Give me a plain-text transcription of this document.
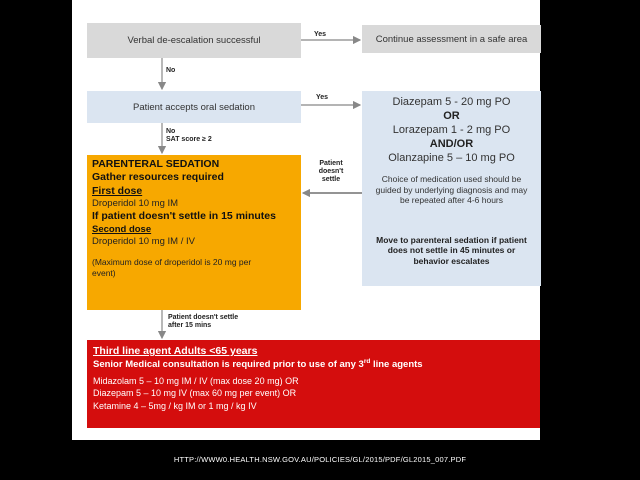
Verbal de-escalation successful
Yes	Continue assessment in a safe area
No
Patient accepts oral sedation
Yes
No
SAT score ≥ 2
Diazepam 5 - 20 mg PO
OR
Lorazepam 1 - 2 mg PO
AND/OR
Olanzapine 5 – 10 mg PO
Choice of medication used should be
guided by underlying diagnosis and may
be repeated after 4-6 hours
Move to parenteral sedation if patient
does not settle in 45 minutes or
behavior escalates
Patient
doesn't
settle
PARENTERAL SEDATION
Gather resources required
First dose
Droperidol 10 mg IM
If patient doesn't settle in 15 minutes
Second dose
Droperidol 10 mg IM / IV
(Maximum dose of droperidol is 20 mg per
event)
Patient doesn't settle
after 15 mins
Third line agent Adults <65 years
Senior Medical consultation is required prior to use of any 3rd line agents
Midazolam 5 – 10 mg IM / IV (max dose 20 mg) OR
Diazepam 5 – 10 mg IV (max 60 mg per event) OR
Ketamine 4 – 5mg / kg IM or 1 mg / kg IV
HTTP://WWW0.HEALTH.NSW.GOV.AU/POLICIES/GL/2015/PDF/GL2015_007.PDF
